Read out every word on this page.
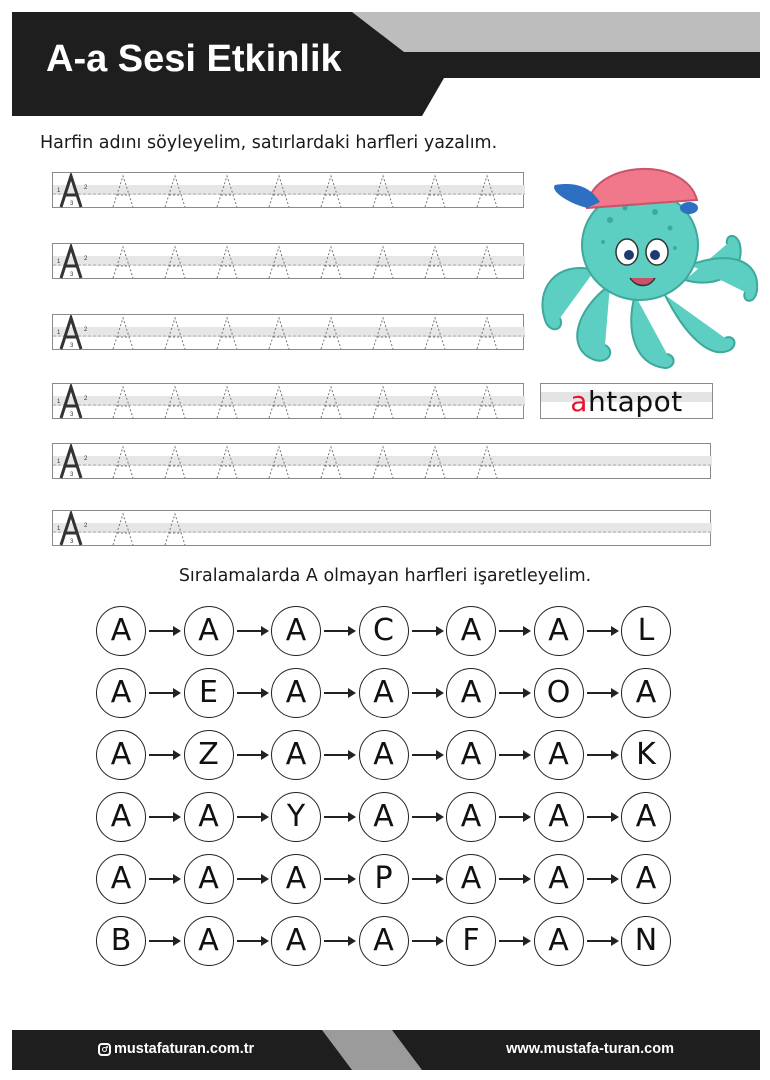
A-a Sesi Etkinlik
Harfin adını söyleyelim, satırlardaki harfleri yazalım.
1	2
3
1	2
3
1	2
3
1	2
3
1	2
3
1	2
3
ahtapot
Sıralamalarda A olmayan harfleri işaretleyelim.
A	A	A	C	A	A	L
A	E	A	A	A	O	A
A	Z	A	A	A	A	K
A	A	Y	A	A	A	A
A	A	A	P	A	A	A
B	A	A	A	F	A	N
mustafaturan.com.tr	www.mustafa-turan.com
